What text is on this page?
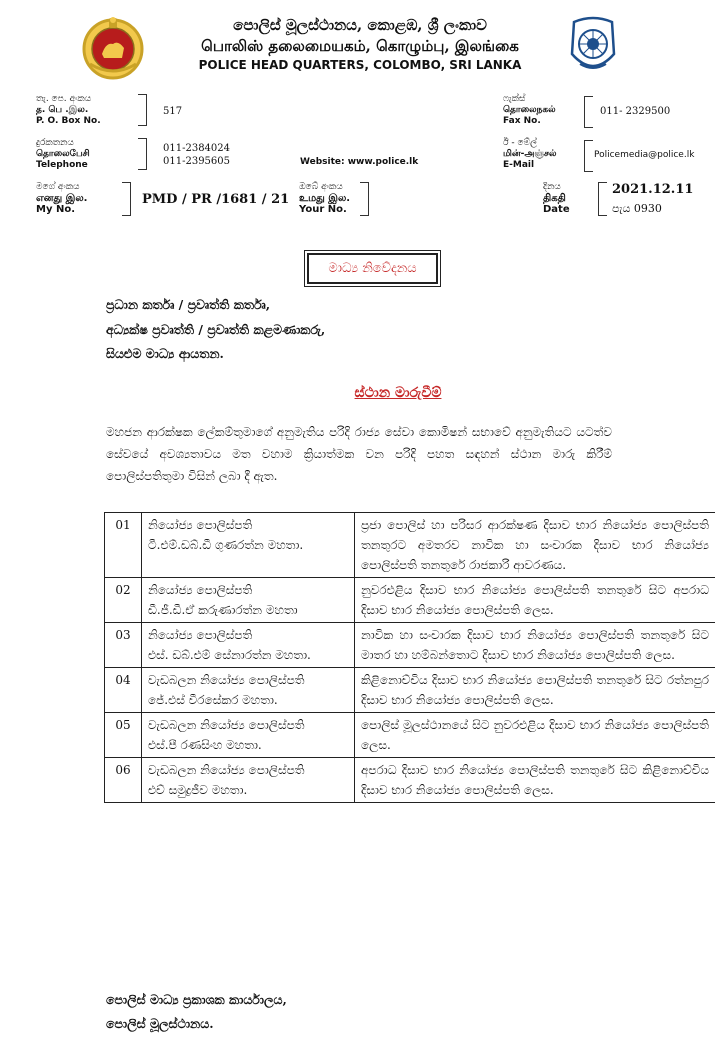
පොලිස් මූලස්ථානය, කොළඹ, ශ්‍රී ලංකාව
பொலிஸ் தலைமையகம், கொழும்பு, இலங்கை
POLICE HEAD QUARTERS, COLOMBO, SRI LANKA
තැ. පෙ. අංකය
த. பெ .இல.
P. O. Box No.
517
ෆැක්ස්
தொலைநகல்
Fax No.
011- 2329500
දුරකතනය
தொலைபேசி
Telephone
011-2384024
011-2395605	Website: www.police.lk
ඊ - මේල්
மின்-அஞ்சல்
E-Mail
Policemedia@police.lk
මගේ අංකය
எனது இல.
My No.
PMD / PR /1681 / 21
ඔබේ අංකය
உமது இல.
Your No.
දිනය
திகதி
Date
2021.12.11
පැය 0930
මාධ්‍ය නිවේදනය
ප්‍රධාන කර්තෘ / ප්‍රවෘත්ති කර්තෘ,
අධ්‍යක්ෂ ප්‍රවෘත්ති / ප්‍රවෘත්ති කළමණාකරු,
සියළුම මාධ්‍ය ආයතන.
ස්ථාන මාරුවීම්
මහජන ආරක්ෂක ලේකම්තුමාගේ අනුමැතිය පරිදි රාජ්‍ය සේවා කොමිෂන් සභාවේ අනුමැතියට යටත්ව සේවයේ අවශ්‍යතාවය මත වහාම ක්‍රියාත්මක වන පරිදි පහත සඳහන් ස්ථාන මාරු කිරීම් පොලිස්පතිතුමා විසින් ලබා දී ඇත.
01	නියෝජ්‍ය පොලිස්පති
ටී.එම්.ඩබ්.ඩී ගුණරත්න මහතා.	ප්‍රජා පොලිස් හා පරිසර ආරක්ෂණ දිසාව භාර නියෝජ්‍ය පොලිස්පති තනතුරට අමතරව නාවික හා සංචාරක දිසාව භාර නියෝජ්‍ය පොලිස්පති තනතුරේ රාජකාරි ආවරණය.
02	නියෝජ්‍ය පොලිස්පති
ඩී.ජී.ඩී.ඒ කරුණාරත්න මහතා	නුවරඑළිය දිසාව භාර නියෝජ්‍ය පොලිස්පති තනතුරේ සිට අපරාධ දිසාව භාර නියෝජ්‍ය පොලිස්පති ලෙස.
03	නියෝජ්‍ය පොලිස්පති
එස්. ඩබ්.එම් සේනාරත්න මහතා.	නාවික හා සංචාරක දිසාව භාර නියෝජ්‍ය පොලිස්පති තනතුරේ සිට මාතර හා හම්බන්තොට දිසාව භාර නියෝජ්‍ය පොලිස්පති ලෙස.
04	වැඩබලන නියෝජ්‍ය පොලිස්පති
ජේ.එස් වීරසේකර මහතා.	කිළිනොච්චිය දිසාව භාර නියෝජ්‍ය පොලිස්පති තනතුරේ සිට රත්නපුර දිසාව භාර නියෝජ්‍ය පොලිස්පති ලෙස.
05	වැඩබලන නියෝජ්‍ය පොලිස්පති
එස්.පී රණසිංහ මහතා.	පොලිස් මූලස්ථානයේ සිට නුවරඑළිය දිසාව භාර නියෝජ්‍ය පොලිස්පති ලෙස.
06	වැඩබලන නියෝජ්‍ය පොලිස්පති
එච් සමුද්‍රජීව මහතා.	අපරාධ දිසාව භාර නියෝජ්‍ය පොලිස්පති තනතුරේ සිට කිළිනොච්චිය දිසාව භාර නියෝජ්‍ය පොලිස්පති ලෙස.
පොලිස් මාධ්‍ය ප්‍රකාශක කාර්යාලය,
පොලිස් මූලස්ථානය.
